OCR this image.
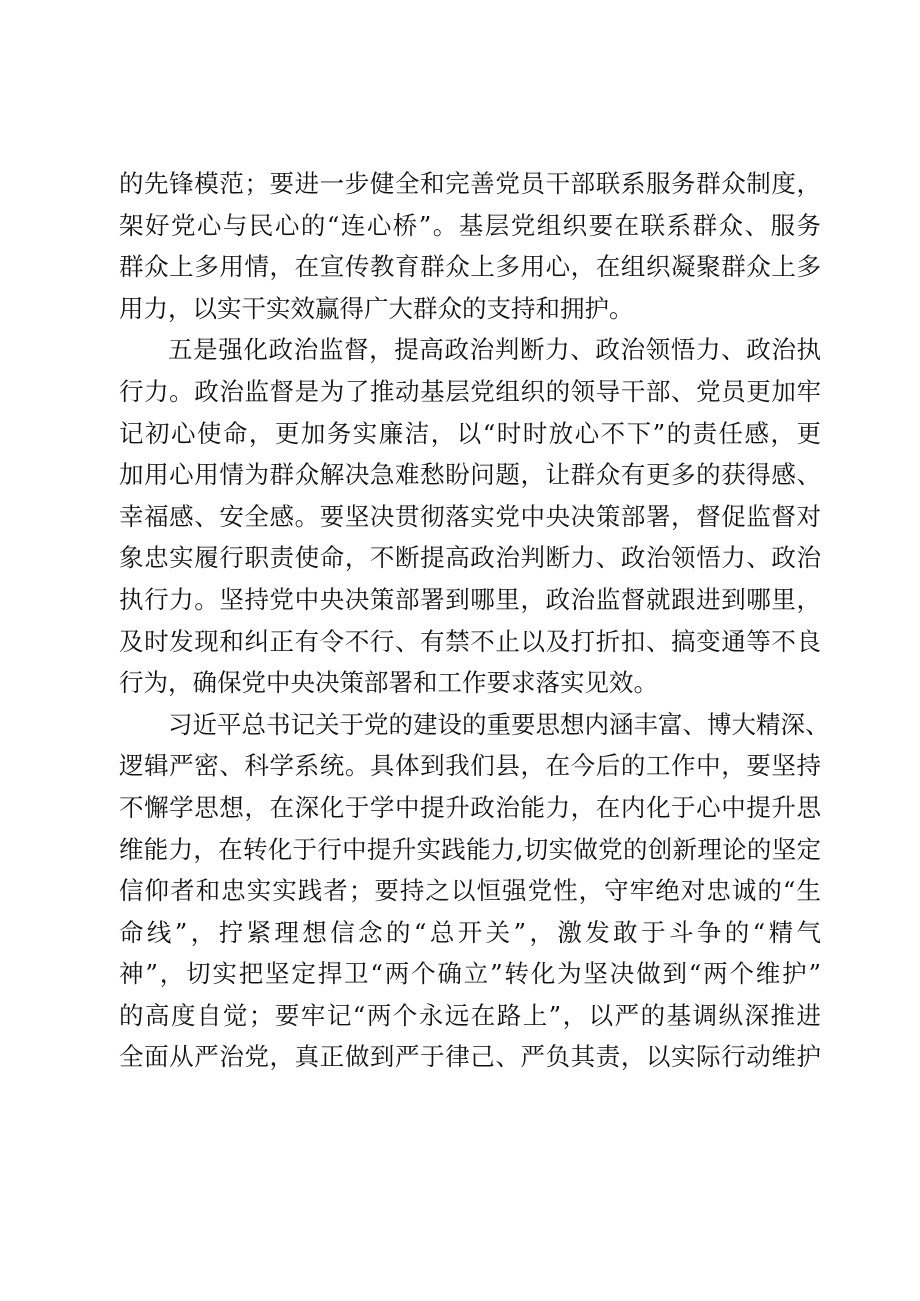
的先锋模范；要进一步健全和完善党员干部联系服务群众制度，
架好党心与民心的“连心桥”。基层党组织要在联系群众、服务
群众上多用情，在宣传教育群众上多用心，在组织凝聚群众上多
用力，以实干实效赢得广大群众的支持和拥护。
五是强化政治监督，提高政治判断力、政治领悟力、政治执
行力。政治监督是为了推动基层党组织的领导干部、党员更加牢
记初心使命，更加务实廉洁，以“时时放心不下”的责任感，更
加用心用情为群众解决急难愁盼问题，让群众有更多的获得感、
幸福感、安全感。要坚决贯彻落实党中央决策部署，督促监督对
象忠实履行职责使命，不断提高政治判断力、政治领悟力、政治
执行力。坚持党中央决策部署到哪里，政治监督就跟进到哪里，
及时发现和纠正有令不行、有禁不止以及打折扣、搞变通等不良
行为，确保党中央决策部署和工作要求落实见效。
习近平总书记关于党的建设的重要思想内涵丰富、博大精深、
逻辑严密、科学系统。具体到我们县，在今后的工作中，要坚持
不懈学思想，在深化于学中提升政治能力，在内化于心中提升思
维能力，在转化于行中提升实践能力,切实做党的创新理论的坚定
信仰者和忠实实践者；要持之以恒强党性，守牢绝对忠诚的“生
命线”，拧紧理想信念的“总开关”，激发敢于斗争的“精气
神”，切实把坚定捍卫“两个确立”转化为坚决做到“两个维护”
的高度自觉；要牢记“两个永远在路上”，以严的基调纵深推进
全面从严治党，真正做到严于律己、严负其责，以实际行动维护
